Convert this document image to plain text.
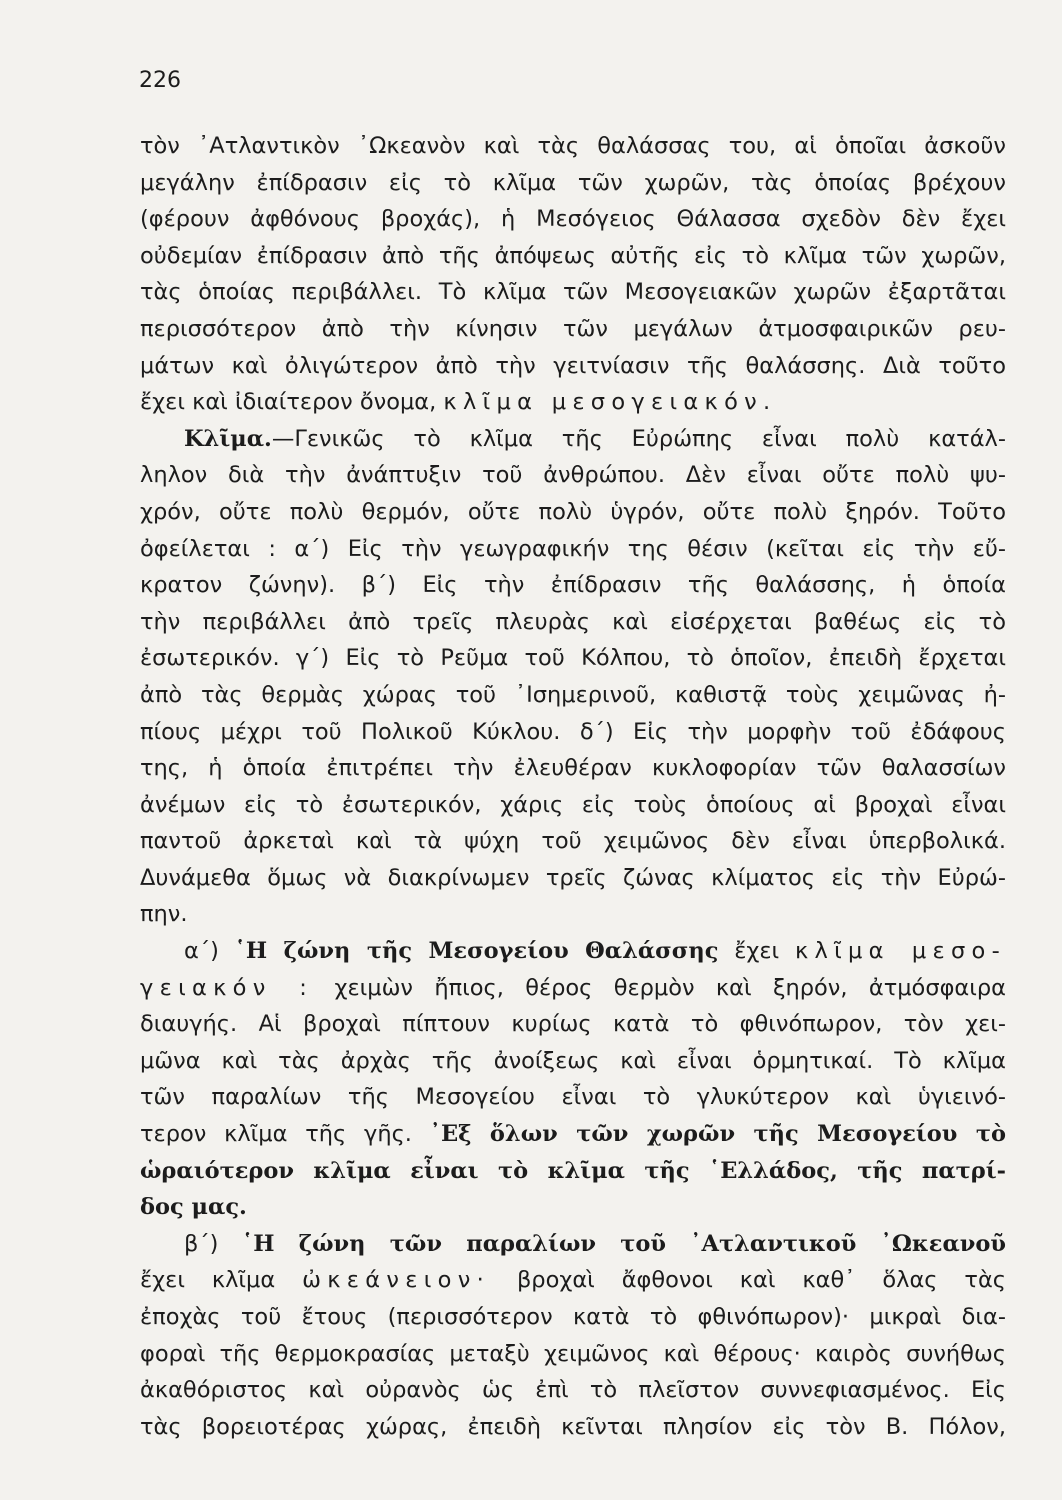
226
τὸν ᾿Ατλαντικὸν ᾿Ωκεανὸν καὶ τὰς θαλάσσας του, αἱ ὁποῖαι ἀσκοῦν
μεγάλην ἐπίδρασιν εἰς τὸ κλῖμα τῶν χωρῶν, τὰς ὁποίας βρέχουν
(φέρουν ἀφθόνους βροχάς), ἡ Μεσόγειος Θάλασσα σχεδὸν δὲν ἔχει
οὐδεμίαν ἐπίδρασιν ἀπὸ τῆς ἀπόψεως αὐτῆς εἰς τὸ κλῖμα τῶν χωρῶν,
τὰς ὁποίας περιβάλλει. Τὸ κλῖμα τῶν Μεσογειακῶν χωρῶν ἐξαρτᾶται
περισσότερον ἀπὸ τὴν κίνησιν τῶν μεγάλων ἀτμοσφαιρικῶν ρευ-
μάτων καὶ ὀλιγώτερον ἀπὸ τὴν γειτνίασιν τῆς θαλάσσης. Διὰ τοῦτο
ἔχει καὶ ἰδιαίτερον ὄνομα, κλῖμα μεσογειακόν.
Κλῖμα.—Γενικῶς τὸ κλῖμα τῆς Εὐρώπης εἶναι πολὺ κατάλ-
ληλον διὰ τὴν ἀνάπτυξιν τοῦ ἀνθρώπου. Δὲν εἶναι οὔτε πολὺ ψυ-
χρόν, οὔτε πολὺ θερμόν, οὔτε πολὺ ὑγρόν, οὔτε πολὺ ξηρόν. Τοῦτο
ὀφείλεται : α΄) Εἰς τὴν γεωγραφικήν της θέσιν (κεῖται εἰς τὴν εὔ-
κρατον ζώνην). β΄) Εἰς τὴν ἐπίδρασιν τῆς θαλάσσης, ἡ ὁποία
τὴν περιβάλλει ἀπὸ τρεῖς πλευρὰς καὶ εἰσέρχεται βαθέως εἰς τὸ
ἐσωτερικόν. γ΄) Εἰς τὸ Ρεῦμα τοῦ Κόλπου, τὸ ὁποῖον, ἐπειδὴ ἔρχεται
ἀπὸ τὰς θερμὰς χώρας τοῦ ᾿Ισημερινοῦ, καθιστᾷ τοὺς χειμῶνας ἠ-
πίους μέχρι τοῦ Πολικοῦ Κύκλου. δ΄) Εἰς τὴν μορφὴν τοῦ ἐδάφους
της, ἡ ὁποία ἐπιτρέπει τὴν ἐλευθέραν κυκλοφορίαν τῶν θαλασσίων
ἀνέμων εἰς τὸ ἐσωτερικόν, χάρις εἰς τοὺς ὁποίους αἱ βροχαὶ εἶναι
παντοῦ ἀρκεταὶ καὶ τὰ ψύχη τοῦ χειμῶνος δὲν εἶναι ὑπερβολικά.
Δυνάμεθα ὅμως νὰ διακρίνωμεν τρεῖς ζώνας κλίματος εἰς τὴν Εὐρώ-
πην.
α΄) ῾Η ζώνη τῆς Μεσογείου Θαλάσσης ἔχει κλῖμα μεσο-
γειακόν : χειμὼν ἤπιος, θέρος θερμὸν καὶ ξηρόν, ἀτμόσφαιρα
διαυγής. Αἱ βροχαὶ πίπτουν κυρίως κατὰ τὸ φθινόπωρον, τὸν χει-
μῶνα καὶ τὰς ἀρχὰς τῆς ἀνοίξεως καὶ εἶναι ὁρμητικαί. Τὸ κλῖμα
τῶν παραλίων τῆς Μεσογείου εἶναι τὸ γλυκύτερον καὶ ὑγιεινό-
τερον κλῖμα τῆς γῆς. ᾿Εξ ὅλων τῶν χωρῶν τῆς Μεσογείου τὸ
ὡραιότερον κλῖμα εἶναι τὸ κλῖμα τῆς ῾Ελλάδος, τῆς πατρί-
δος μας.
β΄) ῾Η ζώνη τῶν παραλίων τοῦ ᾿Ατλαντικοῦ ᾿Ωκεανοῦ
ἔχει κλῖμα ὠκεάνειον· βροχαὶ ἄφθονοι καὶ καθ᾿ ὅλας τὰς
ἐποχὰς τοῦ ἔτους (περισσότερον κατὰ τὸ φθινόπωρον)· μικραὶ δια-
φοραὶ τῆς θερμοκρασίας μεταξὺ χειμῶνος καὶ θέρους· καιρὸς συνήθως
ἀκαθόριστος καὶ οὐρανὸς ὡς ἐπὶ τὸ πλεῖστον συννεφιασμένος. Εἰς
τὰς βορειοτέρας χώρας, ἐπειδὴ κεῖνται πλησίον εἰς τὸν Β. Πόλον,
